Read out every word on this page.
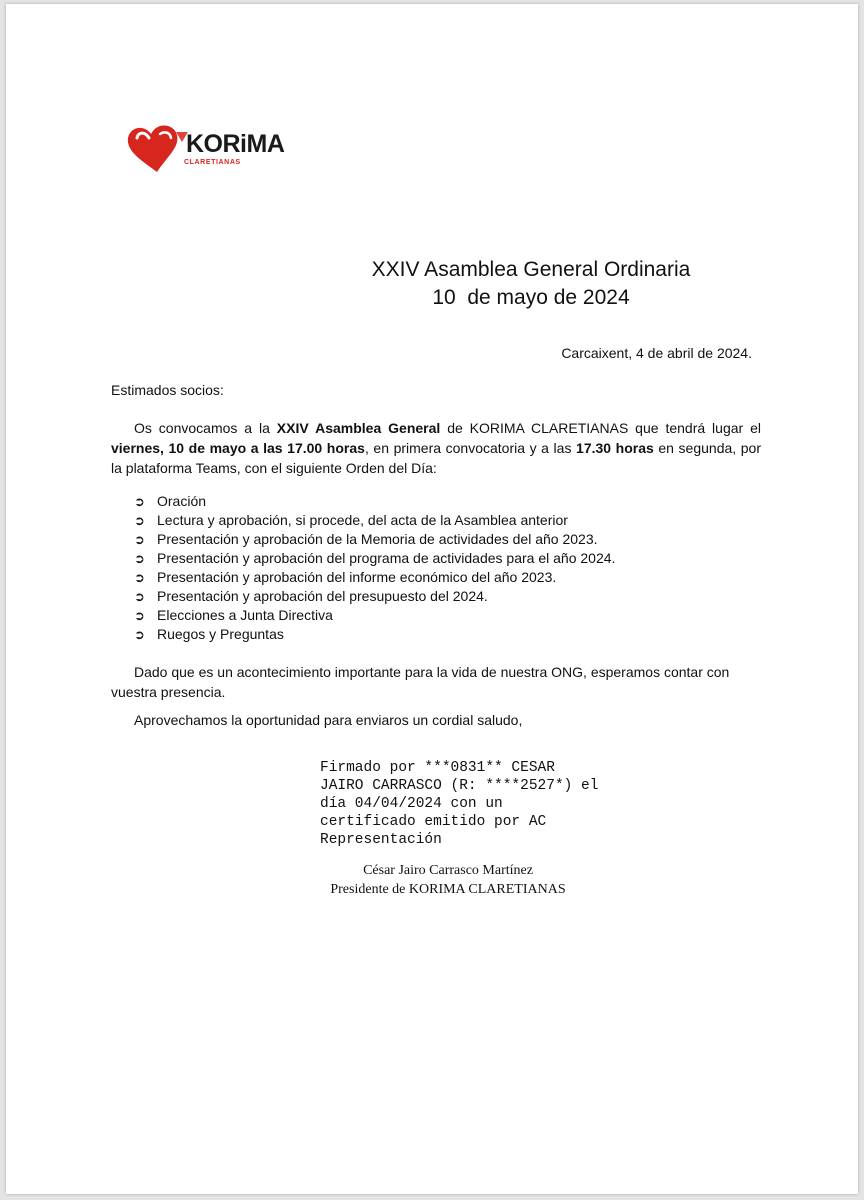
KORiMA
CLARETIANAS
XXIV Asamblea General Ordinaria
10  de mayo de 2024
Carcaixent, 4 de abril de 2024.
Estimados socios:
Os convocamos a la XXIV Asamblea General de KORIMA CLARETIANAS que tendrá lugar el viernes, 10 de mayo a las 17.00 horas, en primera convocatoria y a las 17.30 horas en segunda, por la plataforma Teams, con el siguiente Orden del Día:
➲ Oración
➲ Lectura y aprobación, si procede, del acta de la Asamblea anterior
➲ Presentación y aprobación de la Memoria de actividades del año 2023.
➲ Presentación y aprobación del programa de actividades para el año 2024.
➲ Presentación y aprobación del informe económico del año 2023.
➲ Presentación y aprobación del presupuesto del 2024.
➲ Elecciones a Junta Directiva
➲ Ruegos y Preguntas
Dado que es un acontecimiento importante para la vida de nuestra ONG, esperamos contar con vuestra presencia.
Aprovechamos la oportunidad para enviaros un cordial saludo,
Firmado por ***0831** CESAR
JAIRO CARRASCO (R: ****2527*) el
día 04/04/2024 con un
certificado emitido por AC
Representación
César Jairo Carrasco Martínez
Presidente de KORIMA CLARETIANAS
